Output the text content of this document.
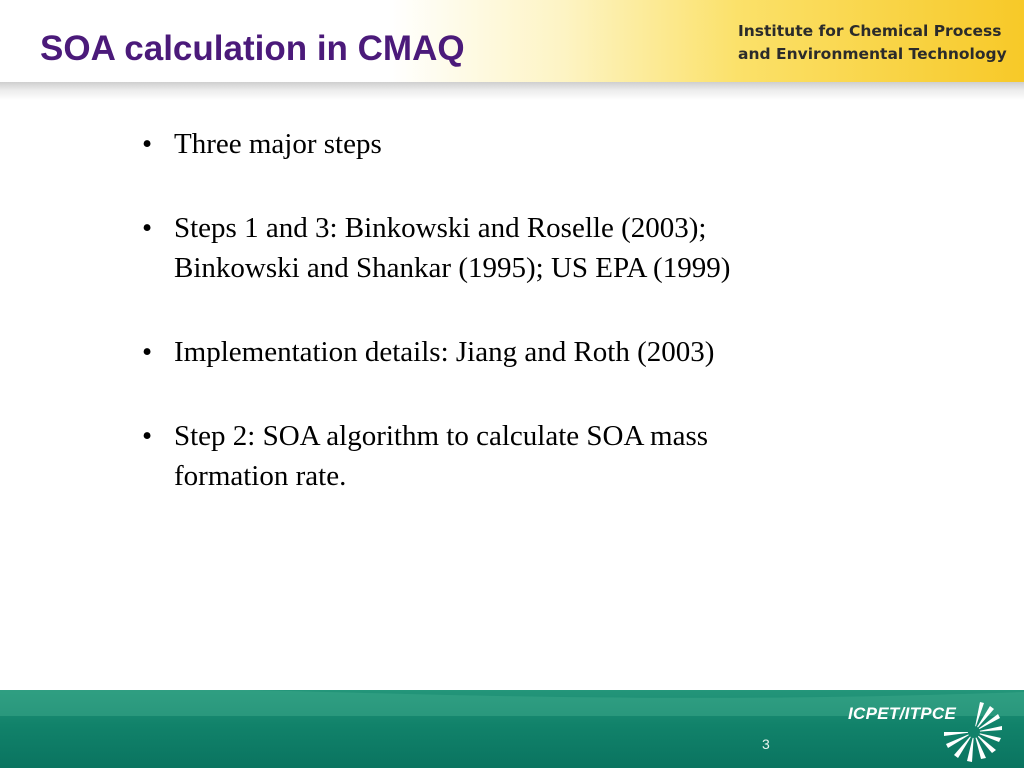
SOA calculation in CMAQ	Institute for Chemical Process
and Environmental Technology
• Three major steps
• Steps 1 and 3: Binkowski and Roselle (2003);
Binkowski and Shankar (1995); US EPA (1999)
• Implementation details: Jiang and Roth (2003)
• Step 2: SOA algorithm to calculate SOA mass
formation rate.
3
ICPET/ITPCE
